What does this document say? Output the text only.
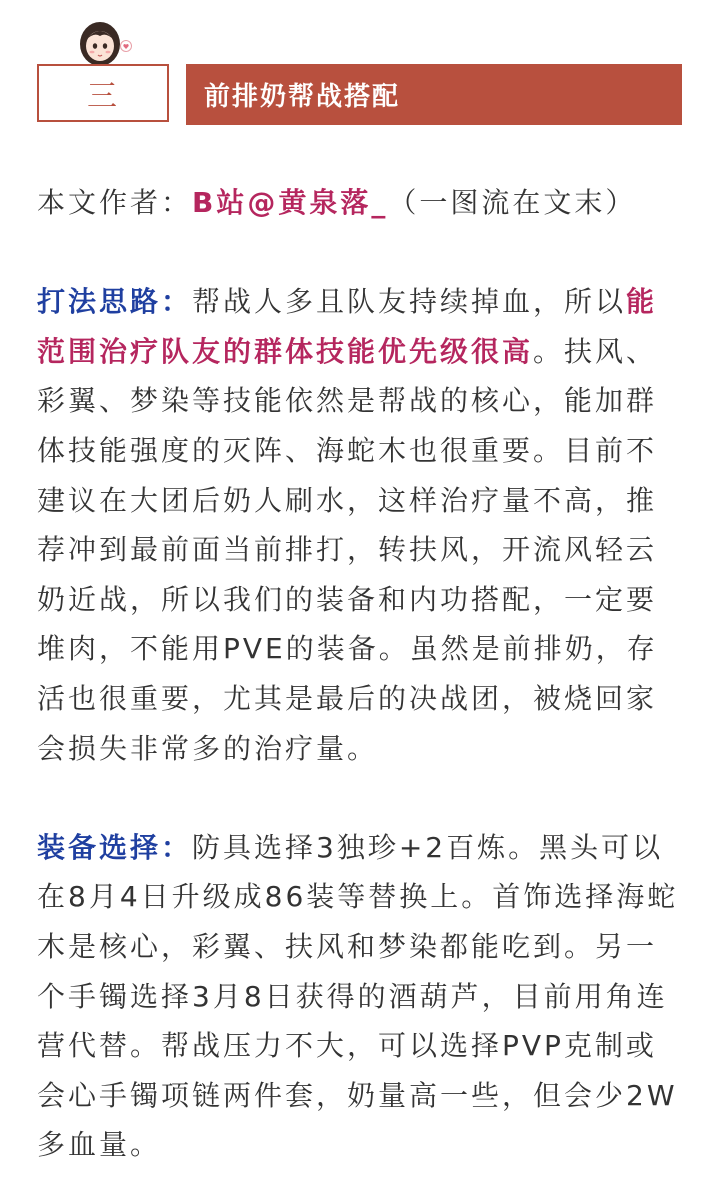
三	前排奶帮战搭配

本文作者：B站@黄泉落_（一图流在文末）

打法思路：帮战人多且队友持续掉血，所以能范围治疗队友的群体技能优先级很高。扶风、彩翼、梦染等技能依然是帮战的核心，能加群体技能强度的灭阵、海蛇木也很重要。目前不建议在大团后奶人刷水，这样治疗量不高，推荐冲到最前面当前排打，转扶风，开流风轻云奶近战，所以我们的装备和内功搭配，一定要堆肉，不能用PVE的装备。虽然是前排奶，存活也很重要，尤其是最后的决战团，被烧回家会损失非常多的治疗量。

装备选择：防具选择3独珍+2百炼。黑头可以在8月4日升级成86装等替换上。首饰选择海蛇木是核心，彩翼、扶风和梦染都能吃到。另一个手镯选择3月8日获得的酒葫芦，目前用角连营代替。帮战压力不大，可以选择PVP克制或会心手镯项链两件套，奶量高一些，但会少2W多血量。
